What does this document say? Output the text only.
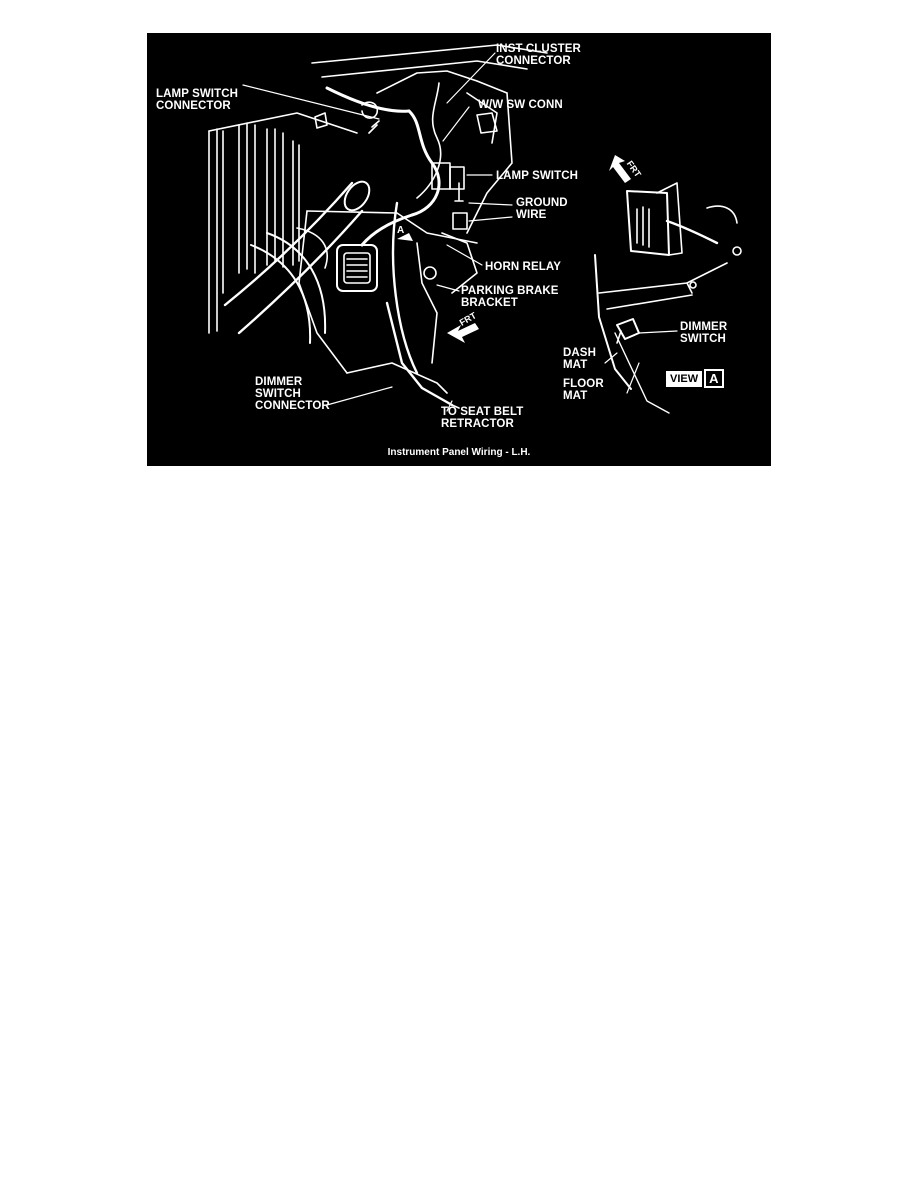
INST CLUSTER
CONNECTOR
LAMP SWITCH
CONNECTOR	W/W SW CONN
LAMP SWITCH
GROUND
WIRE
HORN RELAY
PARKING BRAKE
BRACKET
DIMMER
SWITCH
CONNECTOR	TO SEAT BELT
RETRACTOR
DIMMER
SWITCH
DASH
MAT
FLOOR
MAT
FRT
FRT
A
VIEW A
Instrument Panel Wiring - L.H.
